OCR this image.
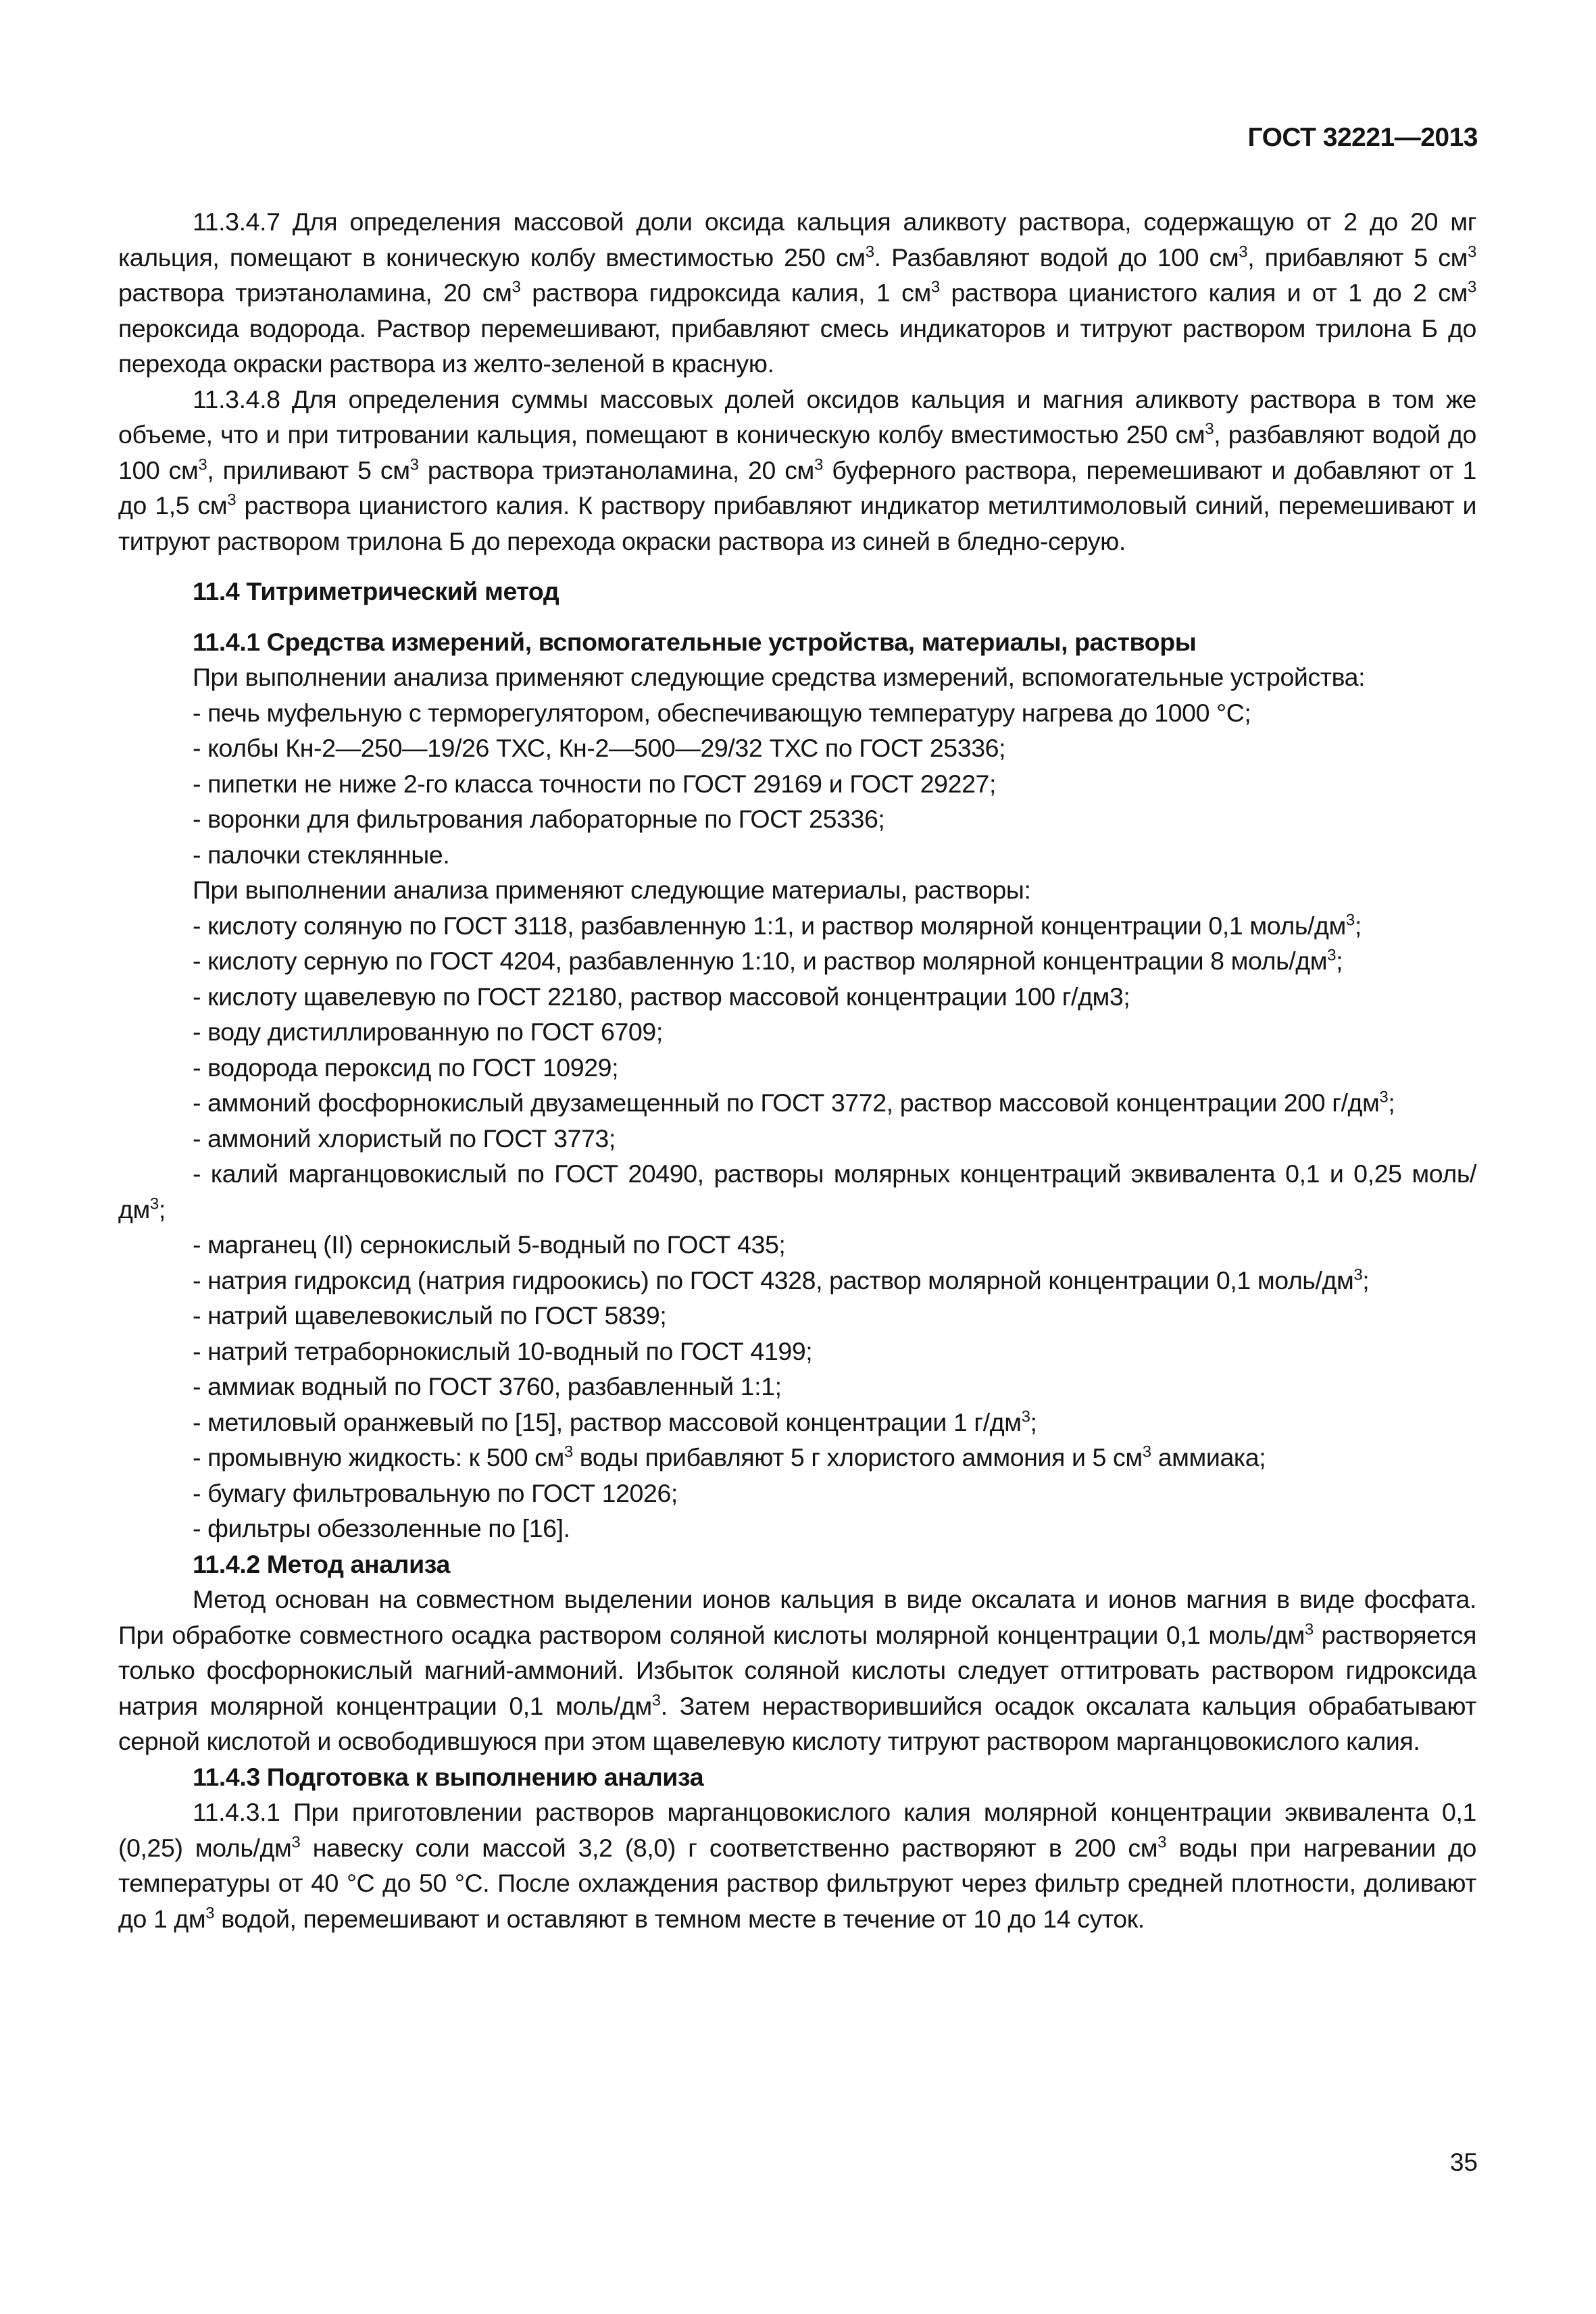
ГОСТ 32221—2013

11.3.4.7 Для определения массовой доли оксида кальция аликвоту раствора, содержащую от 2 до 20 мг кальция, помещают в коническую колбу вместимостью 250 $см^3$. Разбавляют водой до 100 $см^3$, прибавляют 5 $см^3$ раствора триэтаноламина, 20 $см^3$ раствора гидроксида калия, 1 $см^3$ раствора цианистого калия и от 1 до 2 $см^3$ пероксида водорода. Раствор перемешивают, прибавляют смесь индикаторов и титруют раствором трилона Б до перехода окраски раствора из желто-зеленой в красную.

11.3.4.8 Для определения суммы массовых долей оксидов кальция и магния аликвоту раствора в том же объеме, что и при титровании кальция, помещают в коническую колбу вместимостью 250 $см^3$, разбавляют водой до 100 $см^3$, приливают 5 $см^3$ раствора триэтаноламина, 20 $см^3$ буферного раствора, перемешивают и добавляют от 1 до 1,5 $см^3$ раствора цианистого калия. К раствору прибавляют индикатор метилтимоловый синий, перемешивают и титруют раствором трилона Б до перехода окраски раствора из синей в бледно-серую.

11.4 Титриметрический метод

11.4.1 Средства измерений, вспомогательные устройства, материалы, растворы

При выполнении анализа применяют следующие средства измерений, вспомогательные устройства:

- печь муфельную с терморегулятором, обеспечивающую температуру нагрева до 1000 °С;

- колбы Кн-2—250—19/26 ТХС, Кн-2—500—29/32 ТХС по ГОСТ 25336;

- пипетки не ниже 2-го класса точности по ГОСТ 29169 и ГОСТ 29227;

- воронки для фильтрования лабораторные по ГОСТ 25336;

- палочки стеклянные.

При выполнении анализа применяют следующие материалы, растворы:

- кислоту соляную по ГОСТ 3118, разбавленную 1:1, и раствор молярной концентрации 0,1 моль/$дм^3$;

- кислоту серную по ГОСТ 4204, разбавленную 1:10, и раствор молярной концентрации 8 моль/$дм^3$;

- кислоту щавелевую по ГОСТ 22180, раствор массовой концентрации 100 г/дм3;

- воду дистиллированную по ГОСТ 6709;

- водорода пероксид по ГОСТ 10929;

- аммоний фосфорнокислый двузамещенный по ГОСТ 3772, раствор массовой концентрации 200 $г/дм^3$;

- аммоний хлористый по ГОСТ 3773;

- калий марганцовокислый по ГОСТ 20490, растворы молярных концентраций эквивалента 0,1 и 0,25 моль/$дм^3$;

- марганец (II) сернокислый 5-водный по ГОСТ 435;

- натрия гидроксид (натрия гидроокись) по ГОСТ 4328, раствор молярной концентрации 0,1 моль/$дм^3$;

- натрий щавелевокислый по ГОСТ 5839;

- натрий тетраборнокислый 10-водный по ГОСТ 4199;

- аммиак водный по ГОСТ 3760, разбавленный 1:1;

- метиловый оранжевый по [15], раствор массовой концентрации 1 $г/дм^3$;

- промывную жидкость: к 500 $см^3$ воды прибавляют 5 г хлористого аммония и 5 $см^3$ аммиака;

- бумагу фильтровальную по ГОСТ 12026;

- фильтры обеззоленные по [16].

11.4.2 Метод анализа

Метод основан на совместном выделении ионов кальция в виде оксалата и ионов магния в виде фосфата. При обработке совместного осадка раствором соляной кислоты молярной концентрации 0,1 моль/$дм^3$ растворяется только фосфорнокислый магний-аммоний. Избыток соляной кислоты следует оттитровать раствором гидроксида натрия молярной концентрации 0,1 моль/$дм^3$. Затем нерастворившийся осадок оксалата кальция обрабатывают серной кислотой и освободившуюся при этом щавелевую кислоту титруют раствором марганцовокислого калия.

11.4.3 Подготовка к выполнению анализа

11.4.3.1 При приготовлении растворов марганцовокислого калия молярной концентрации эквивалента 0,1 (0,25) моль/$дм^3$ навеску соли массой 3,2 (8,0) г соответственно растворяют в 200 $см^3$ воды при нагревании до температуры от 40 °С до 50 °С. После охлаждения раствор фильтруют через фильтр средней плотности, доливают до 1 $дм^3$ водой, перемешивают и оставляют в темном месте в течение от 10 до 14 суток.

35
